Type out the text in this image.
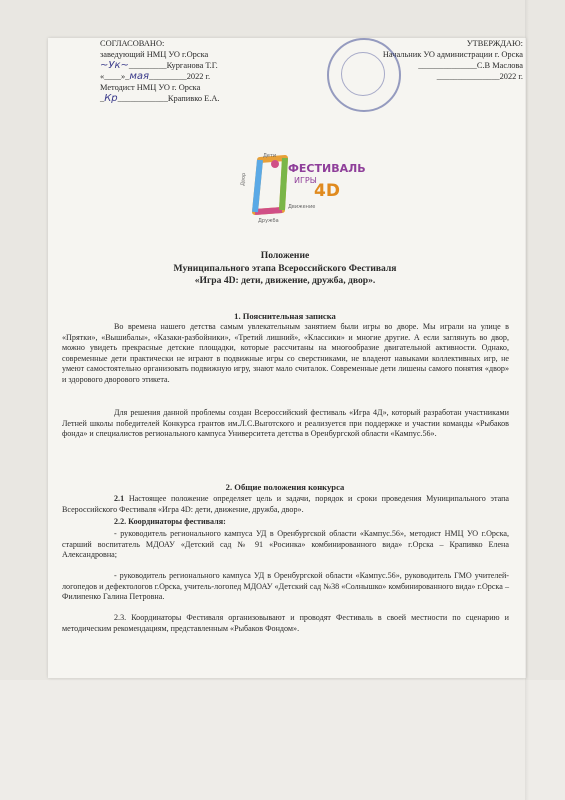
СОГЛАСОВАНО:
заведующий НМЦ УО г.Орска
~Ук~_________Курганова Т.Г.
«____»_мая_________2022 г.
Методист НМЦ УО г. Орска
_Кр____________Крапивко Е.А.
УТВЕРЖДАЮ:
Начальник УО администрации г. Орска
______________С.В Маслова
_______________2022 г.
ФЕСТИВАЛЬ
ИГРЫ
4D
Дети
Двор
Дружба
Движение
Положение
Муниципального этапа Всероссийского Фестиваля
«Игра 4D: дети, движение, дружба, двор».
1. Пояснительная записка
Во времена нашего детства самым увлекательным занятием были игры во дворе. Мы играли на улице в «Прятки», «Вышибалы», «Казаки-разбойники», «Третий лишний», «Классики» и многие другие. А если заглянуть во двор, можно увидеть прекрасные детские площадки, которые рассчитаны на многообразие двигательной активности. Однако, современные дети практически не играют в подвижные игры со сверстниками, не владеют навыками коллективных игр, не умеют самостоятельно организовать подвижную игру, знают мало считалок. Современные дети лишены самого понятия «двор» и здорового дворового этикета.
Для решения данной проблемы создан Всероссийский фестиваль «Игра 4Д», который разработан участниками Летней школы победителей Конкурса грантов им.Л.С.Выготского и реализуется при поддержке и участии команды «Рыбаков фонда» и специалистов регионального кампуса Университета детства в Оренбургской области «Кампус.56».
2. Общие положения конкурса
2.1 Настоящее положение определяет цель и задачи, порядок и сроки проведения Муниципального этапа Всероссийского Фестиваля «Игра 4D: дети, движение, дружба, двор».
2.2. Координаторы фестиваля:
- руководитель регионального кампуса УД в Оренбургской области «Кампус.56», методист НМЦ УО г.Орска, старший воспитатель МДОАУ «Детский сад № 91 «Росинка» комбинированного вида» г.Орска – Крапивко Елена Александровна;
- руководитель регионального кампуса УД в Оренбургской области «Кампус.56», руководитель ГМО учителей-логопедов и дефектологов г.Орска, учитель-логопед МДОАУ «Детский сад №38 «Солнышко» комбинированного вида» г.Орска – Филипенко Галина Петровна.
2.3. Координаторы Фестиваля организовывают и проводят Фестиваль в своей местности по сценарию и методическим рекомендациям, представленным «Рыбаков Фондом».
